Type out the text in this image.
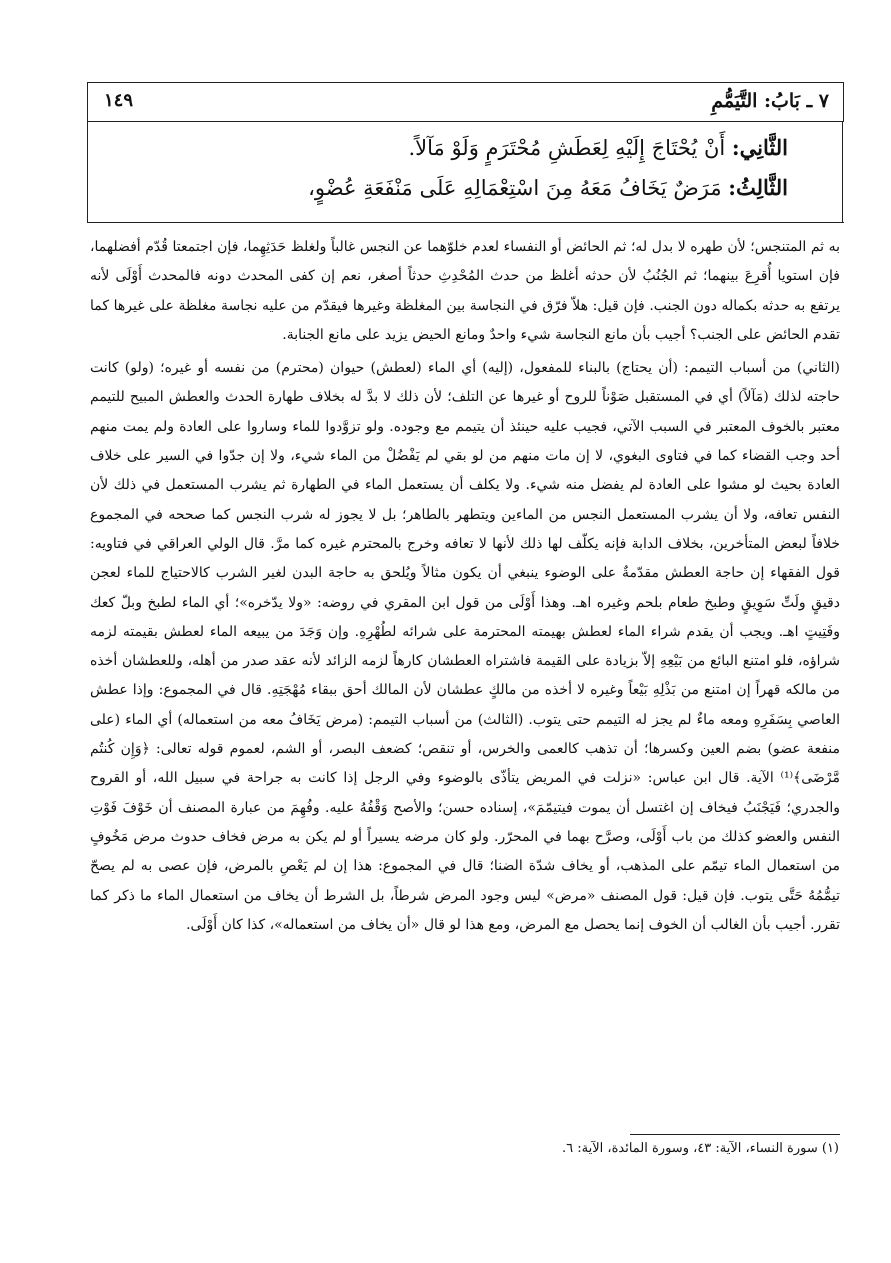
٧ ـ بَابُ: التَّيَمُّمِ
١٤٩
الثَّانِي: أَنْ يُحْتَاجَ إِلَيْهِ لِعَطَشِ مُحْتَرَمٍ وَلَوْ مَآلاً.
الثَّالِثُ: مَرَضٌ يَخَافُ مَعَهُ مِنَ اسْتِعْمَالِهِ عَلَى مَنْفَعَةِ عُضْوٍ،

به ثم المتنجس؛ لأن طهره لا بدل له؛ ثم الحائض أو النفساء لعدم خلوّهما عن النجس غالباً ولغلظ حَدَثِهِما، فإن اجتمعتا قُدّم أفضلهما، فإن استويا أُقرِعَ بينهما؛ ثم الجُنُبُ لأن حدثه أغلظ من حدث المُحْدِثِ حدثاً أصغر، نعم إن كفى المحدث دونه فالمحدث أَوْلَى لأنه يرتفع به حدثه بكماله دون الجنب. فإن قيل: هلاّ فرّق في النجاسة بين المغلظة وغيرها فيقدّم من عليه نجاسة مغلظة على غيرها كما تقدم الحائض على الجنب؟ أجيب بأن مانع النجاسة شيء واحدٌ ومانع الحيض يزيد على مانع الجنابة.

(الثاني) من أسباب التيمم: (أن يحتاج) بالبناء للمفعول، (إليه) أي الماء (لعطش) حيوان (محترم) من نفسه أو غيره؛ (ولو) كانت حاجته لذلك (مَآلاً) أي في المستقبل صَوْناً للروح أو غيرها عن التلف؛ لأن ذلك لا بدَّ له بخلاف طهارة الحدث والعطش المبيح للتيمم معتبر بالخوف المعتبر في السبب الآتي، فجيب عليه حينئذ أن يتيمم مع وجوده. ولو تزوَّدوا للماء وساروا على العادة ولم يمت منهم أحد وجب القضاء كما في فتاوى البغوي، لا إن مات منهم من لو بقي لم يَفْضُلْ من الماء شيء، ولا إن جدّوا في السير على خلاف العادة بحيث لو مشوا على العادة لم يفضل منه شيء. ولا يكلف أن يستعمل الماء في الطهارة ثم يشرب المستعمل في ذلك لأن النفس تعافه، ولا أن يشرب المستعمل النجس من الماءين ويتطهر بالطاهر؛ بل لا يجوز له شرب النجس كما صححه في المجموع خلافاً لبعض المتأخرين، بخلاف الدابة فإنه يكلّف لها ذلك لأنها لا تعافه وخرج بالمحترم غيره كما مرَّ. قال الولي العراقي في فتاويه: قول الفقهاء إن حاجة العطش مقدّمةٌ على الوضوء ينبغي أن يكون مثالاً ويُلحق به حاجة البدن لغير الشرب كالاحتياج للماء لعجن دقيقٍ ولَتِّ سَوِيقٍ وطبخ طعام بلحم وغيره اهـ. وهذا أَوْلَى من قول ابن المقري في روضه: «ولا يدّخره»؛ أي الماء لطبخ وبلّ كعك وفَتِيتٍ اهـ. ويجب أن يقدم شراء الماء لعطش بهيمته المحترمة على شرائه لطُهْرِهِ. وإن وَجَدَ من يبيعه الماء لعطش بقيمته لزمه شراؤه، فلو امتنع البائع من بَيْعِهِ إلاّ بزيادة على القيمة فاشتراه العطشان كارهاً لزمه الزائد لأنه عقد صدر من أهله، وللعطشان أخذه من مالكه قهراً إن امتنع من بَذْلِهِ بَيْعاً وغيره لا أخذه من مالكٍ عطشان لأن المالك أحق ببقاء مُهْجَتِهِ. قال في المجموع: وإذا عطش العاصي بِسَفَرِهِ ومعه ماءٌ لم يجز له التيمم حتى يتوب. (الثالث) من أسباب التيمم: (مرض يَخَافُ معه من استعماله) أي الماء (على منفعة عضو) بضم العين وكسرها؛ أن تذهب كالعمى والخرس، أو تنقص؛ كضعف البصر، أو الشم، لعموم قوله تعالى: ﴿وَإِن كُنتُم مَّرْضَى﴾⁽¹⁾ الآية. قال ابن عباس: «نزلت في المريض يتأذّى بالوضوء وفي الرجل إذا كانت به جراحة في سبيل الله، أو القروح والجدري؛ فَيَجْنَبُ فيخاف إن اغتسل أن يموت فيتيمّمَ»، إسناده حسن؛ والأصح وَقْفُهُ عليه. وفُهِمَ من عبارة المصنف أن خَوْفَ فَوْتِ النفس والعضو كذلك من باب أَوْلَى، وصرَّح بهما في المحرّر. ولو كان مرضه يسيراً أو لم يكن به مرض فخاف حدوث مرض مَخُوفٍ من استعمال الماء تيمّم على المذهب، أو يخاف شدّة الضنا؛ قال في المجموع: هذا إن لم يَعْصِ بالمرض، فإن عصى به لم يصحّ تيمُّمُهُ حَتَّى يتوب. فإن قيل: قول المصنف «مرض» ليس وجود المرض شرطاً، بل الشرط أن يخاف من استعمال الماء ما ذكر كما تقرر. أجيب بأن الغالب أن الخوف إنما يحصل مع المرض، ومع هذا لو قال «أن يخاف من استعماله»، كذا كان أَوْلَى.

(١) سورة النساء، الآية: ٤٣، وسورة المائدة، الآية: ٦.
